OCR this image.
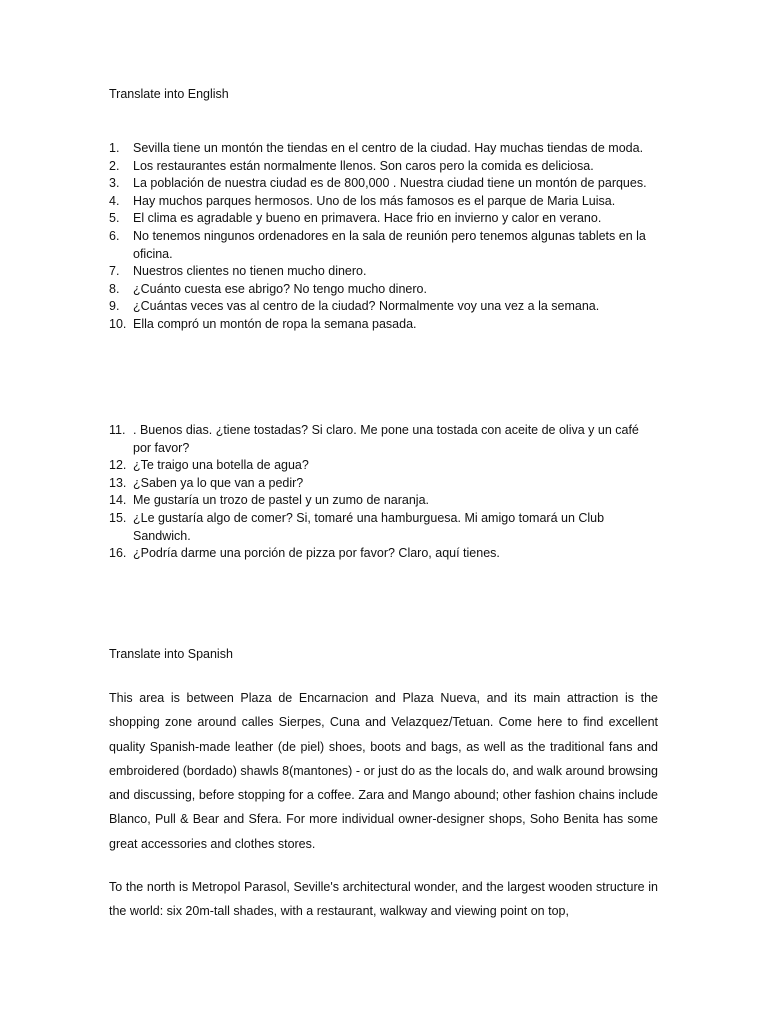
Translate into English
1. Sevilla tiene un montón the tiendas en el centro de la ciudad. Hay muchas tiendas de moda.
2. Los restaurantes están normalmente llenos. Son caros pero la comida es deliciosa.
3. La población de nuestra ciudad es de 800,000 . Nuestra ciudad tiene un montón de parques.
4. Hay muchos parques hermosos. Uno de los más famosos es el parque de Maria Luisa.
5. El clima es agradable y bueno en primavera. Hace frio en invierno y calor en verano.
6. No tenemos ningunos ordenadores en la sala de reunión pero tenemos algunas tablets en la oficina.
7. Nuestros clientes no tienen mucho dinero.
8. ¿Cuánto cuesta ese abrigo? No tengo mucho dinero.
9. ¿Cuántas veces vas al centro de la ciudad? Normalmente voy una vez a la semana.
10. Ella compró un montón de ropa la semana pasada.
11. . Buenos dias. ¿tiene tostadas? Si claro. Me pone una tostada con aceite de oliva y un café por favor?
12. ¿Te traigo una botella de agua?
13. ¿Saben ya lo que van a pedir?
14. Me gustaría un trozo de pastel y un zumo de naranja.
15. ¿Le gustaría algo de comer? Si, tomaré una hamburguesa. Mi amigo tomará un Club Sandwich.
16. ¿Podría darme una porción de pizza por favor? Claro, aquí tienes.
Translate into Spanish

This area is between Plaza de Encarnacion and Plaza Nueva, and its main attraction is the shopping zone around calles Sierpes, Cuna and Velazquez/Tetuan. Come here to find excellent quality Spanish-made leather (de piel) shoes, boots and bags, as well as the traditional fans and embroidered (bordado) shawls 8(mantones) - or just do as the locals do, and walk around browsing and discussing, before stopping for a coffee. Zara and Mango abound; other fashion chains include Blanco, Pull & Bear and Sfera. For more individual owner-designer shops, Soho Benita has some great accessories and clothes stores.

To the north is Metropol Parasol, Seville's architectural wonder, and the largest wooden structure in the world: six 20m-tall shades, with a restaurant, walkway and viewing point on top,
